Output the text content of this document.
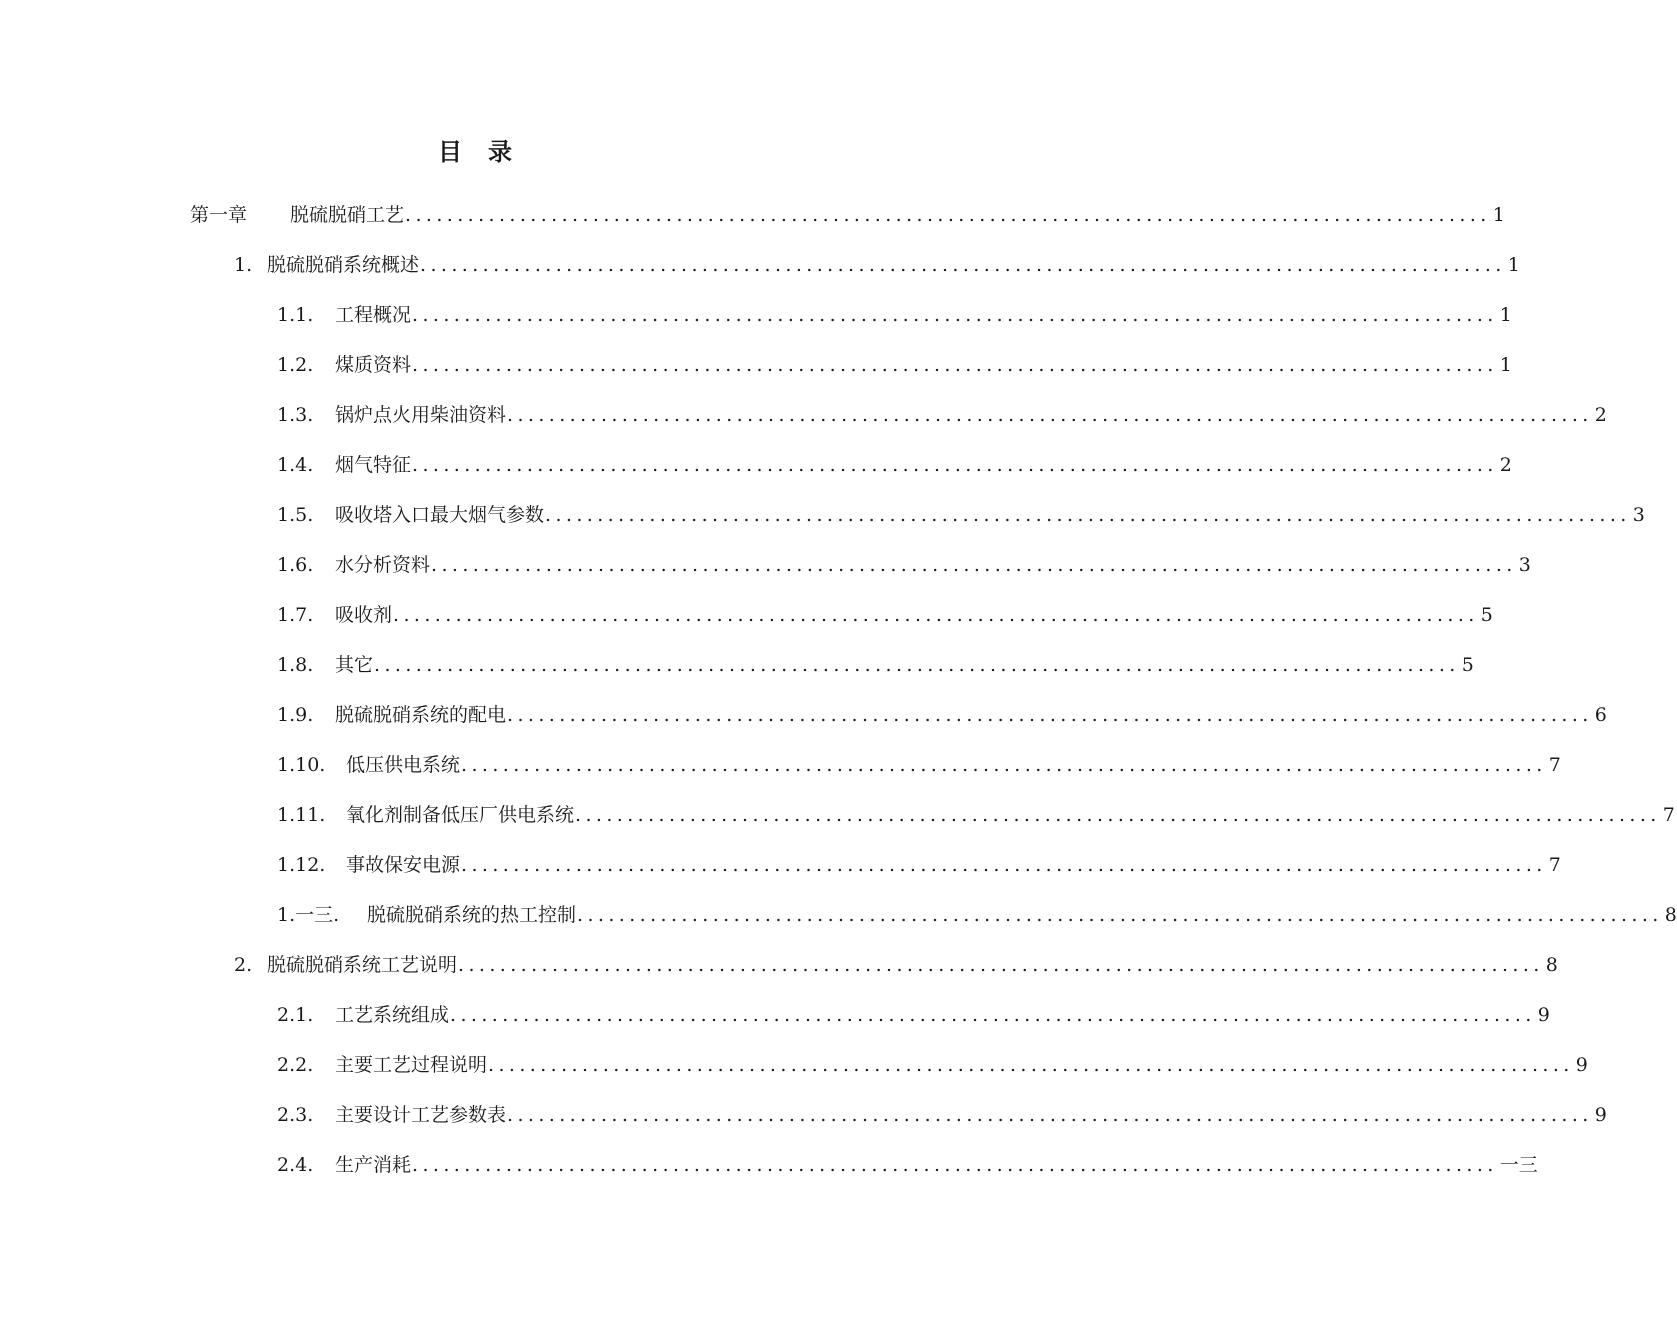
目 录
第一章	脱硫脱硝工艺 ........................................................................................................ 1
1. 脱硫脱硝系统概述 ........................................................................................................ 1
1.1.	工程概况 ........................................................................................................ 1
1.2.	煤质资料 ........................................................................................................ 1
1.3.	锅炉点火用柴油资料 ........................................................................................................ 2
1.4.	烟气特征 ........................................................................................................ 2
1.5.	吸收塔入口最大烟气参数 ........................................................................................................ 3
1.6.	水分析资料 ........................................................................................................ 3
1.7.	吸收剂 ........................................................................................................ 5
1.8.	其它 ........................................................................................................ 5
1.9.	脱硫脱硝系统的配电 ........................................................................................................ 6
1.10.	低压供电系统 ........................................................................................................ 7
1.11.	氧化剂制备低压厂供电系统 ........................................................................................................ 7
1.12.	事故保安电源 ........................................................................................................ 7
1.一三.	脱硫脱硝系统的热工控制 ........................................................................................................ 8
2. 脱硫脱硝系统工艺说明 ........................................................................................................ 8
2.1.	工艺系统组成 ........................................................................................................ 9
2.2.	主要工艺过程说明 ........................................................................................................ 9
2.3.	主要设计工艺参数表 ........................................................................................................ 9
2.4.	生产消耗 ........................................................................................................ 一三
